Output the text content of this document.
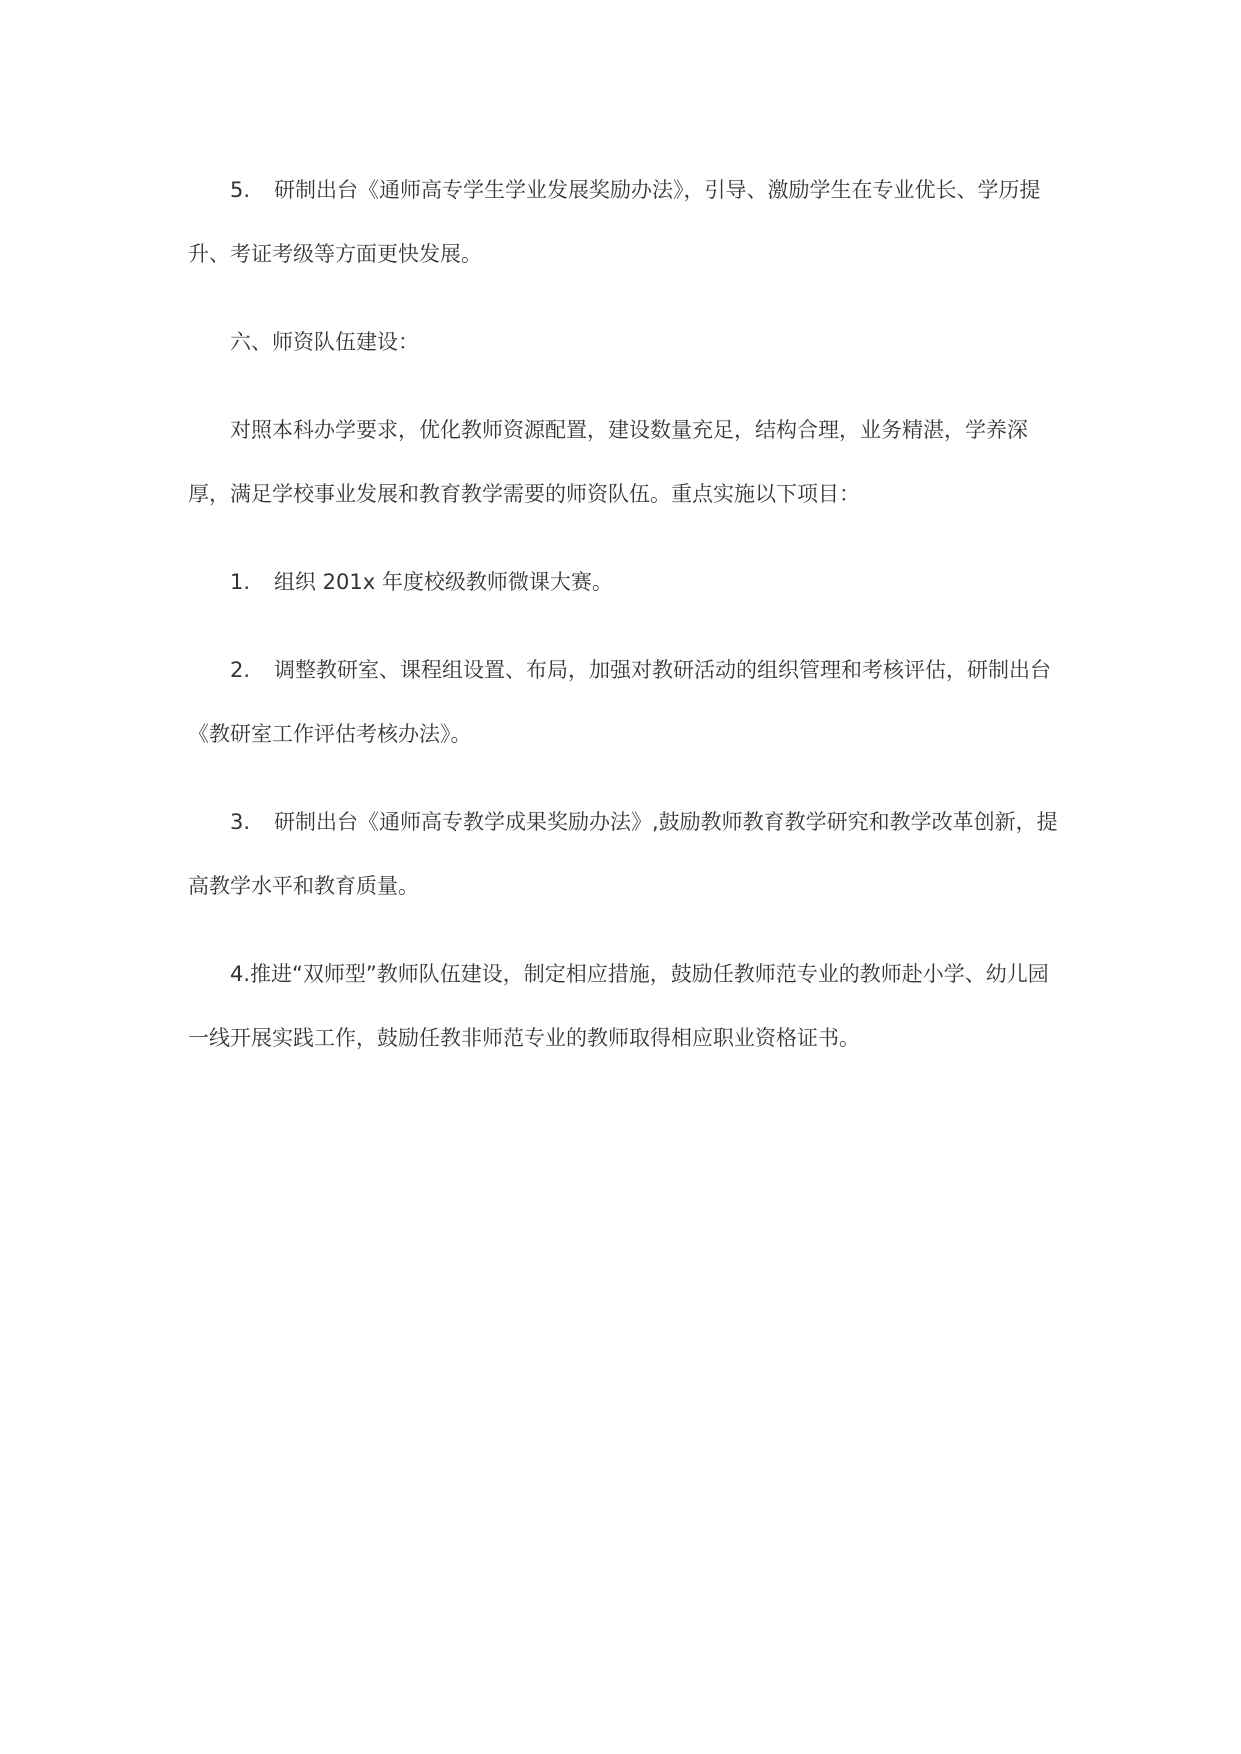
5. 研制出台《通师高专学生学业发展奖励办法》，引导、激励学生在专业优长、学历提升、考证考级等方面更快发展。

六、师资队伍建设：

对照本科办学要求，优化教师资源配置，建设数量充足，结构合理，业务精湛，学养深厚，满足学校事业发展和教育教学需要的师资队伍。重点实施以下项目：

1. 组织 201x 年度校级教师微课大赛。

2. 调整教研室、课程组设置、布局，加强对教研活动的组织管理和考核评估，研制出台《教研室工作评估考核办法》。

3. 研制出台《通师高专教学成果奖励办法》,鼓励教师教育教学研究和教学改革创新，提高教学水平和教育质量。

4.推进“双师型”教师队伍建设，制定相应措施，鼓励任教师范专业的教师赴小学、幼儿园一线开展实践工作，鼓励任教非师范专业的教师取得相应职业资格证书。
